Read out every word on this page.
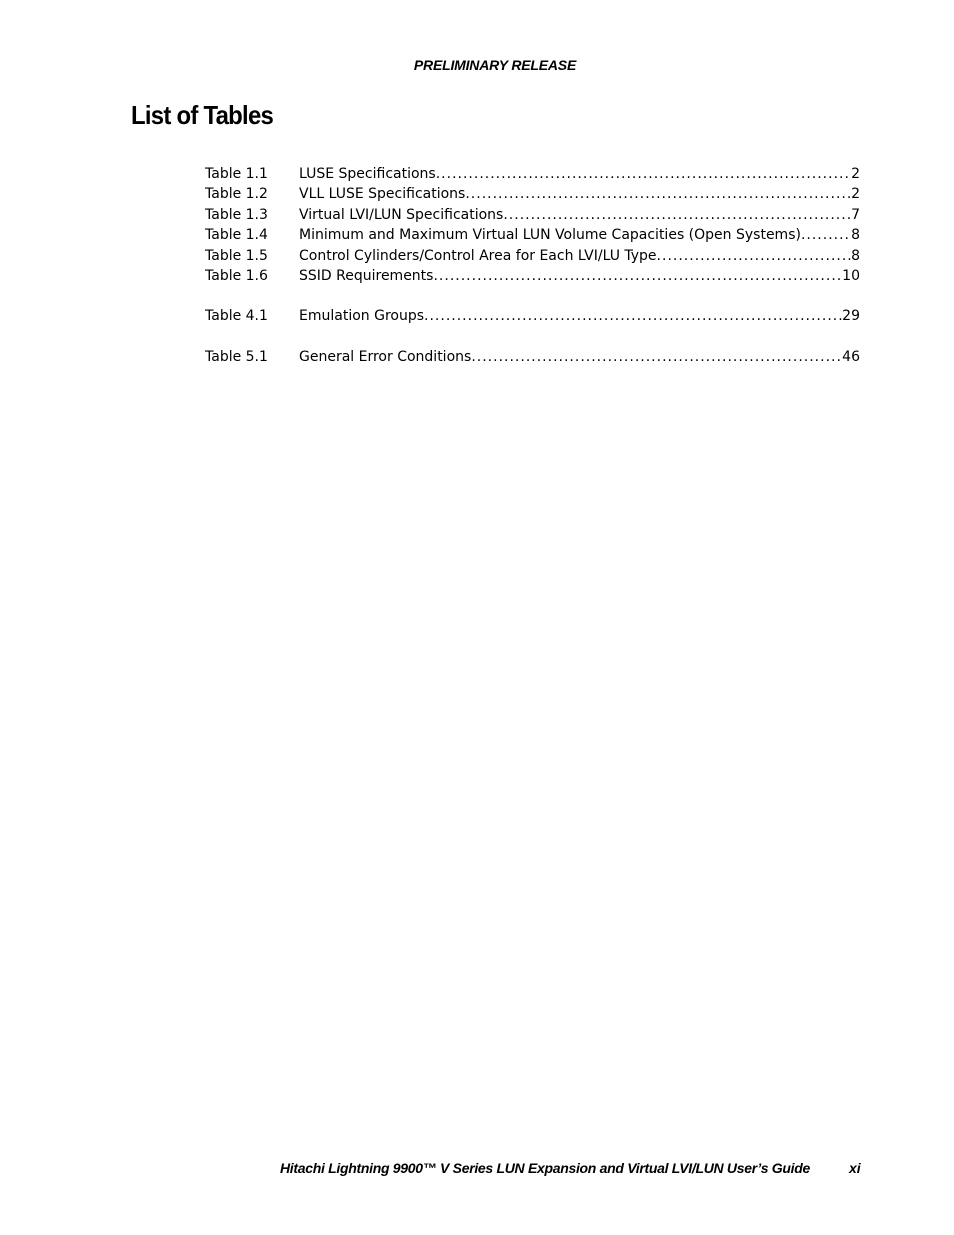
PRELIMINARY RELEASE
List of Tables
Table 1.1	LUSE Specifications .....	2
Table 1.2	VLL LUSE Specifications .....	2
Table 1.3	Virtual LVI/LUN Specifications .....	7
Table 1.4	Minimum and Maximum Virtual LUN Volume Capacities (Open Systems) .....	8
Table 1.5	Control Cylinders/Control Area for Each LVI/LU Type .....	8
Table 1.6	SSID Requirements .....	10
Table 4.1	Emulation Groups .....	29
Table 5.1	General Error Conditions .....	46
Hitachi Lightning 9900™ V Series LUN Expansion and Virtual LVI/LUN User’s Guide	xi
